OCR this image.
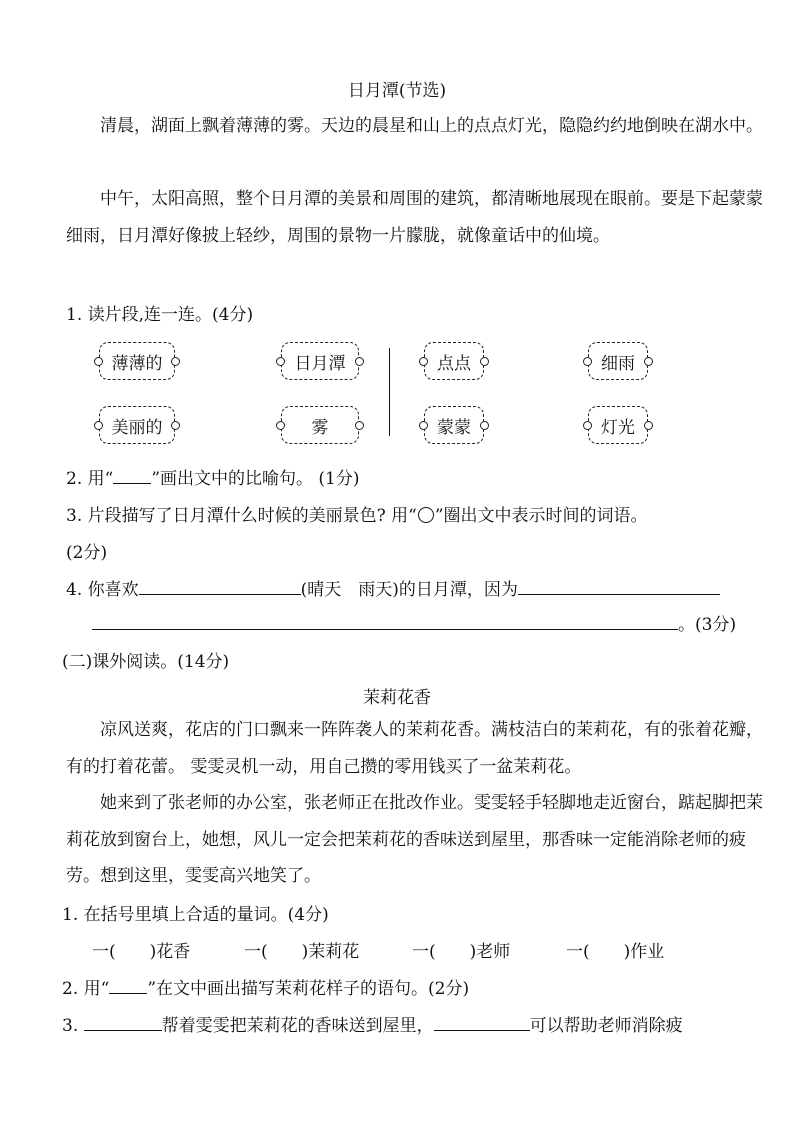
日月潭(节选)

清晨，湖面上飘着薄薄的雾。天边的晨星和山上的点点灯光，隐隐约约地倒映在湖水中。

中午，太阳高照，整个日月潭的美景和周围的建筑，都清晰地展现在眼前。要是下起蒙蒙细雨，日月潭好像披上轻纱，周围的景物一片朦胧，就像童话中的仙境。

1. 读片段,连一连。(4分)
薄薄的	日月潭	点点	细雨
美丽的	雾	蒙蒙	灯光
2. 用“ ”画出文中的比喻句。 (1分)
3. 片段描写了日月潭什么时候的美丽景色? 用“ ”圈出文中表示时间的词语。
(2分)
4. 你喜欢	(晴天　雨天)的日月潭，因为
。(3分)
(二)课外阅读。(14分)
茉莉花香

凉风送爽，花店的门口飘来一阵阵袭人的茉莉花香。满枝洁白的茉莉花，有的张着花瓣，有的打着花蕾。 雯雯灵机一动，用自己攒的零用钱买了一盆茉莉花。

她来到了张老师的办公室，张老师正在批改作业。雯雯轻手轻脚地走近窗台，踮起脚把茉莉花放到窗台上，她想，风儿一定会把茉莉花的香味送到屋里，那香味一定能消除老师的疲劳。想到这里，雯雯高兴地笑了。

1. 在括号里填上合适的量词。(4分)
一(　　)花香	一(　　)茉莉花	一(　　)老师	一(　　)作业
2. 用“ ”在文中画出描写茉莉花样子的语句。(2分)
3.	帮着雯雯把茉莉花的香味送到屋里，	可以帮助老师消除疲
